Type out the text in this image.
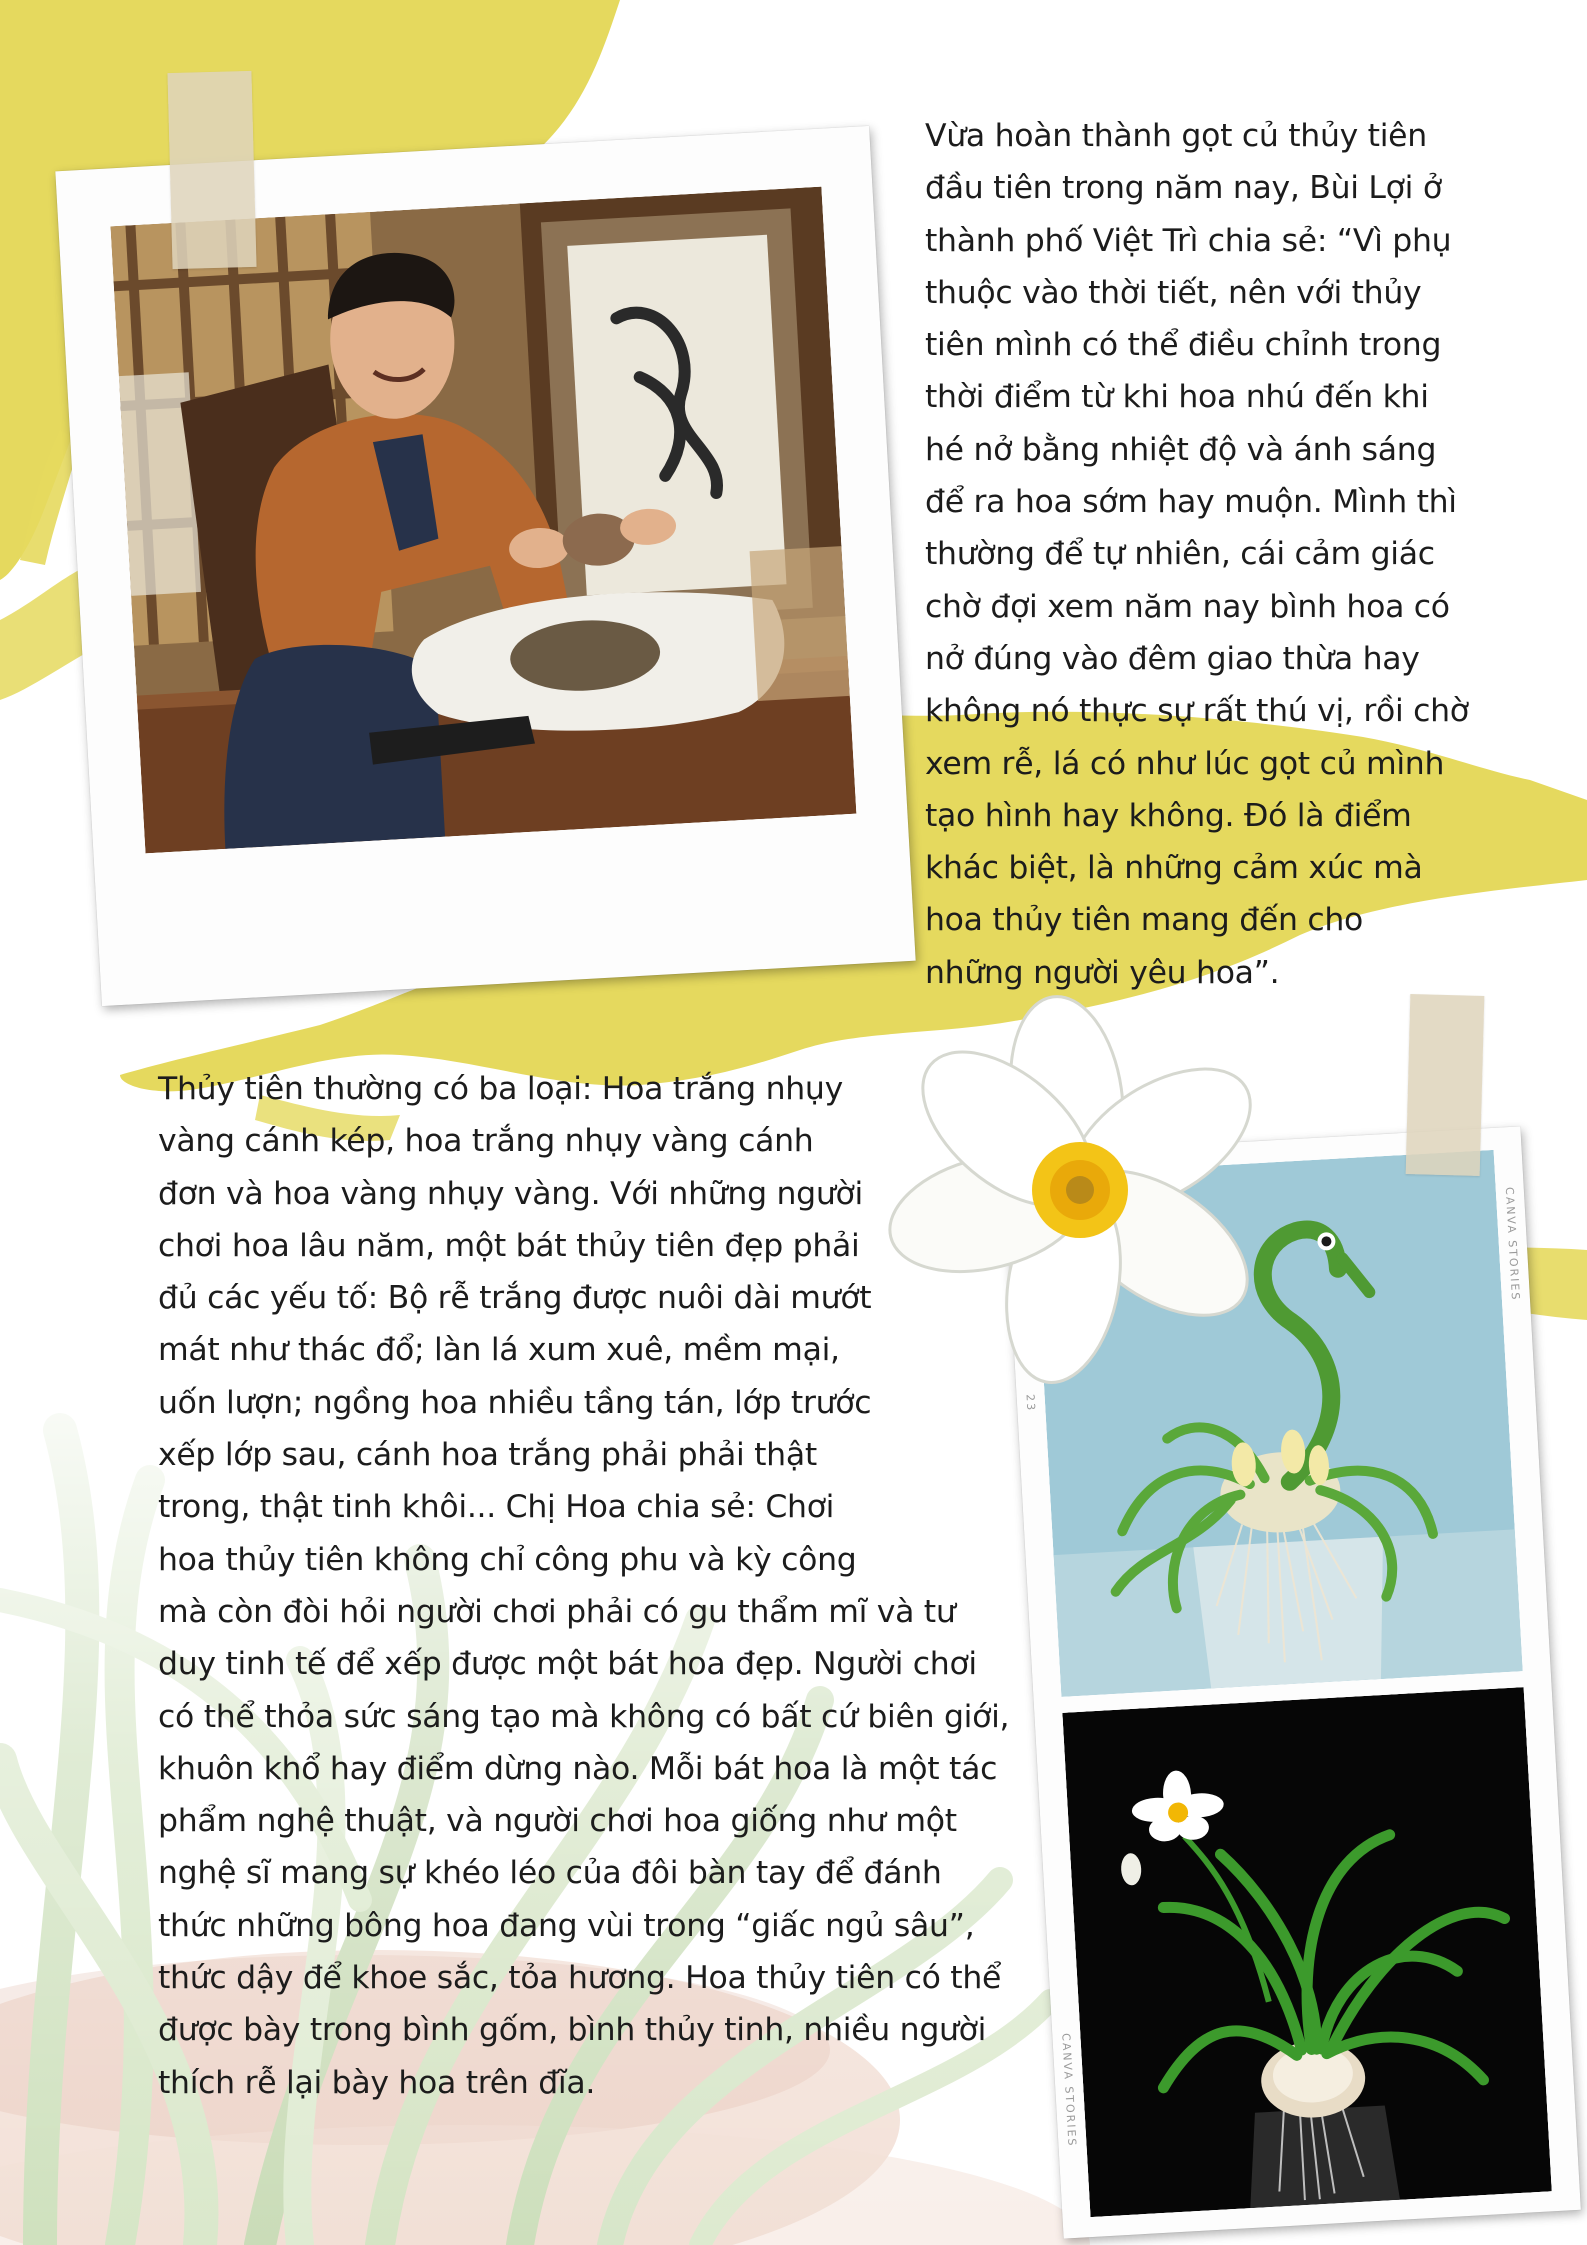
Vừa hoàn thành gọt củ thủy tiên
đầu tiên trong năm nay, Bùi Lợi ở
thành phố Việt Trì chia sẻ: “Vì phụ
thuộc vào thời tiết, nên với thủy
tiên mình có thể điều chỉnh trong
thời điểm từ khi hoa nhú đến khi
hé nở bằng nhiệt độ và ánh sáng
để ra hoa sớm hay muộn. Mình thì
thường để tự nhiên, cái cảm giác
chờ đợi xem năm nay bình hoa có
nở đúng vào đêm giao thừa hay
không nó thực sự rất thú vị, rồi chờ
xem rễ, lá có như lúc gọt củ mình
tạo hình hay không. Đó là điểm
khác biệt, là những cảm xúc mà
hoa thủy tiên mang đến cho
những người yêu hoa”.

Thủy tiên thường có ba loại: Hoa trắng nhụy
vàng cánh kép, hoa trắng nhụy vàng cánh
đơn và hoa vàng nhụy vàng. Với những người
chơi hoa lâu năm, một bát thủy tiên đẹp phải
đủ các yếu tố: Bộ rễ trắng được nuôi dài mướt
mát như thác đổ; làn lá xum xuê, mềm mại,
uốn lượn; ngồng hoa nhiều tầng tán, lớp trước
xếp lớp sau, cánh hoa trắng phải phải thật
trong, thật tinh khôi... Chị Hoa chia sẻ: Chơi
hoa thủy tiên không chỉ công phu và kỳ công
mà còn đòi hỏi người chơi phải có gu thẩm mĩ và tư
duy tinh tế để xếp được một bát hoa đẹp. Người chơi
có thể thỏa sức sáng tạo mà không có bất cứ biên giới,
khuôn khổ hay điểm dừng nào. Mỗi bát hoa là một tác
phẩm nghệ thuật, và người chơi hoa giống như một
nghệ sĩ mang sự khéo léo của đôi bàn tay để đánh
thức những bông hoa đang vùi trong “giấc ngủ sâu”,
thức dậy để khoe sắc, tỏa hương. Hoa thủy tiên có thể
được bày trong bình gốm, bình thủy tinh, nhiều người
thích rễ lại bày hoa trên đĩa.

CANVA STORIES
23
CANVA STORIES
